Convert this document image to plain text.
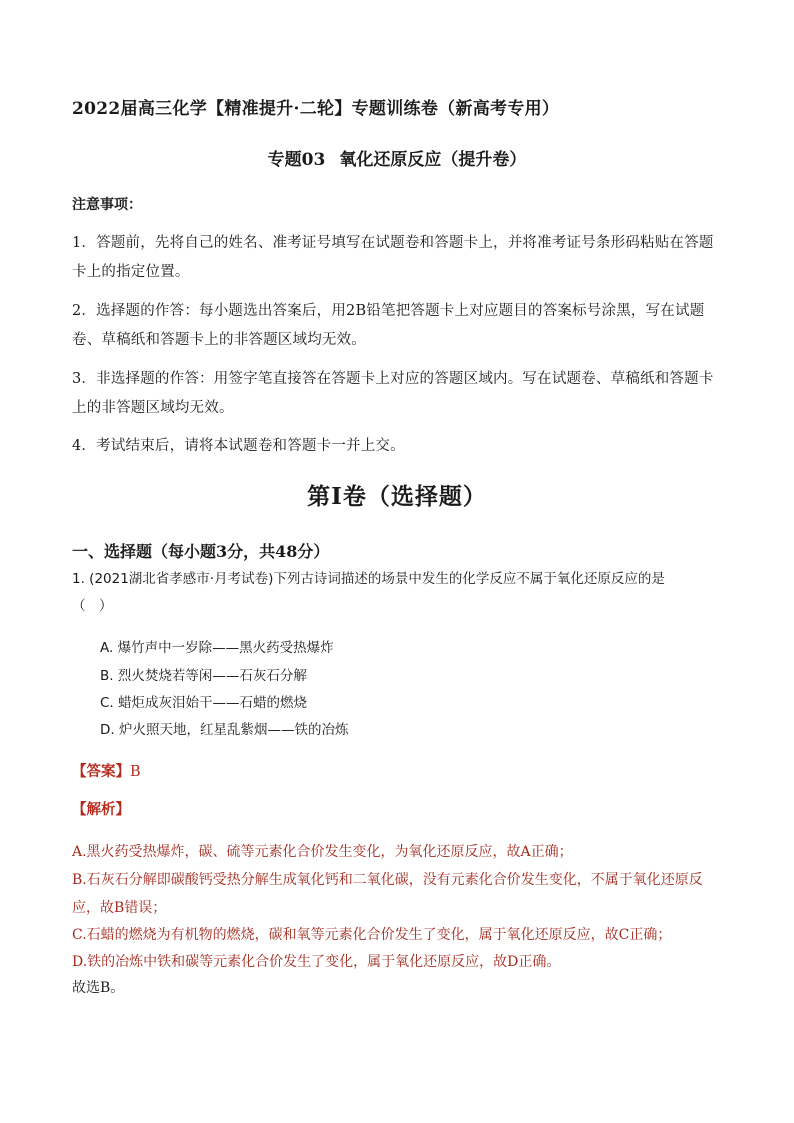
2022届高三化学【精准提升·二轮】专题训练卷（新高考专用）
专题03 氧化还原反应（提升卷）
注意事项：
1．答题前，先将自己的姓名、准考证号填写在试题卷和答题卡上，并将准考证号条形码粘贴在答题卡上的指定位置。
2．选择题的作答：每小题选出答案后，用2B铅笔把答题卡上对应题目的答案标号涂黑，写在试题卷、草稿纸和答题卡上的非答题区域均无效。
3．非选择题的作答：用签字笔直接答在答题卡上对应的答题区域内。写在试题卷、草稿纸和答题卡上的非答题区域均无效。
4．考试结束后，请将本试题卷和答题卡一并上交。
第Ⅰ卷（选择题）
一、选择题（每小题3分，共48分）
1. (2021湖北省孝感市·月考试卷)下列古诗词描述的场景中发生的化学反应不属于氧化还原反应的是
（　）
A. 爆竹声中一岁除——黑火药受热爆炸
B. 烈火焚烧若等闲——石灰石分解
C. 蜡炬成灰泪始干——石蜡的燃烧
D. 炉火照天地，红星乱紫烟——铁的冶炼
【答案】B
【解析】
A.黑火药受热爆炸，碳、硫等元素化合价发生变化，为氧化还原反应，故A正确；
B.石灰石分解即碳酸钙受热分解生成氧化钙和二氧化碳，没有元素化合价发生变化，不属于氧化还原反
应，故B错误；
C.石蜡的燃烧为有机物的燃烧，碳和氧等元素化合价发生了变化，属于氧化还原反应，故C正确；
D.铁的冶炼中铁和碳等元素化合价发生了变化，属于氧化还原反应，故D正确。
故选B。
